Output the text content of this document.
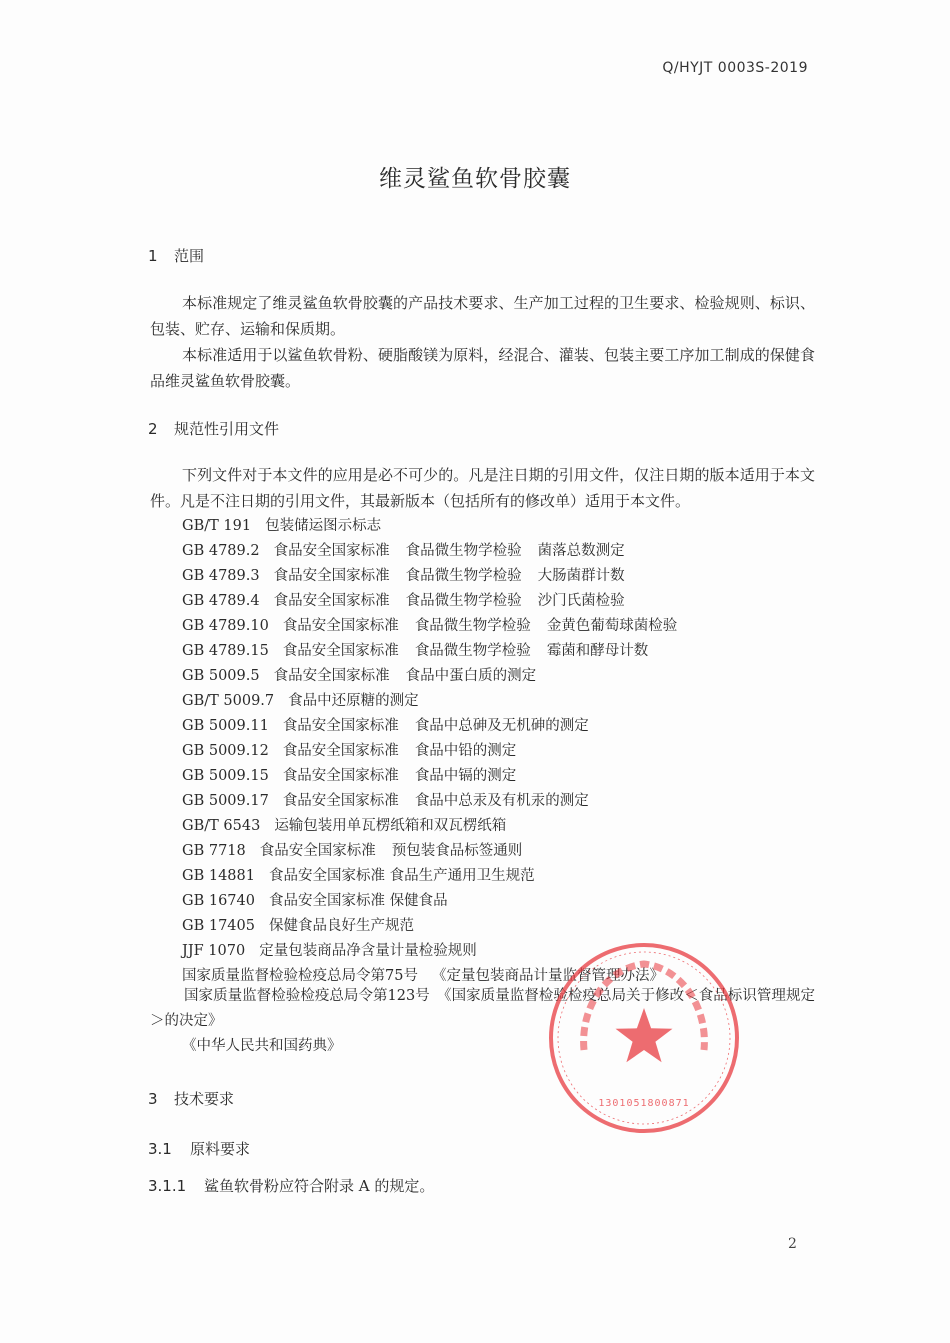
Q/HYJT 0003S-2019
维灵鲨鱼软骨胶囊
1 范围
本标准规定了维灵鲨鱼软骨胶囊的产品技术要求、生产加工过程的卫生要求、检验规则、标识、包装、贮存、运输和保质期。
本标准适用于以鲨鱼软骨粉、硬脂酸镁为原料，经混合、灌装、包装主要工序加工制成的保健食品维灵鲨鱼软骨胶囊。
2 规范性引用文件
下列文件对于本文件的应用是必不可少的。凡是注日期的引用文件，仅注日期的版本适用于本文件。凡是不注日期的引用文件，其最新版本（包括所有的修改单）适用于本文件。
GB/T 191 包装储运图示标志
GB 4789.2 食品安全国家标准 食品微生物学检验 菌落总数测定
GB 4789.3 食品安全国家标准 食品微生物学检验 大肠菌群计数
GB 4789.4 食品安全国家标准 食品微生物学检验 沙门氏菌检验
GB 4789.10 食品安全国家标准 食品微生物学检验 金黄色葡萄球菌检验
GB 4789.15 食品安全国家标准 食品微生物学检验 霉菌和酵母计数
GB 5009.5 食品安全国家标准 食品中蛋白质的测定
GB/T 5009.7 食品中还原糖的测定
GB 5009.11 食品安全国家标准 食品中总砷及无机砷的测定
GB 5009.12 食品安全国家标准 食品中铅的测定
GB 5009.15 食品安全国家标准 食品中镉的测定
GB 5009.17 食品安全国家标准 食品中总汞及有机汞的测定
GB/T 6543 运输包装用单瓦楞纸箱和双瓦楞纸箱
GB 7718 食品安全国家标准 预包装食品标签通则
GB 14881 食品安全国家标准 食品生产通用卫生规范
GB 16740 食品安全国家标准 保健食品
GB 17405 保健食品良好生产规范
JJF 1070 定量包装商品净含量计量检验规则
国家质量监督检验检疫总局令第75号 《定量包装商品计量监督管理办法》
国家质量监督检验检疫总局令第123号　《国家质量监督检验检疫总局关于修改＜食品标识管理规定＞的决定》
《中华人民共和国药典》
3 技术要求
3.1 原料要求
3.1.1 鲨鱼软骨粉应符合附录 A 的规定。
1301051800871
2
